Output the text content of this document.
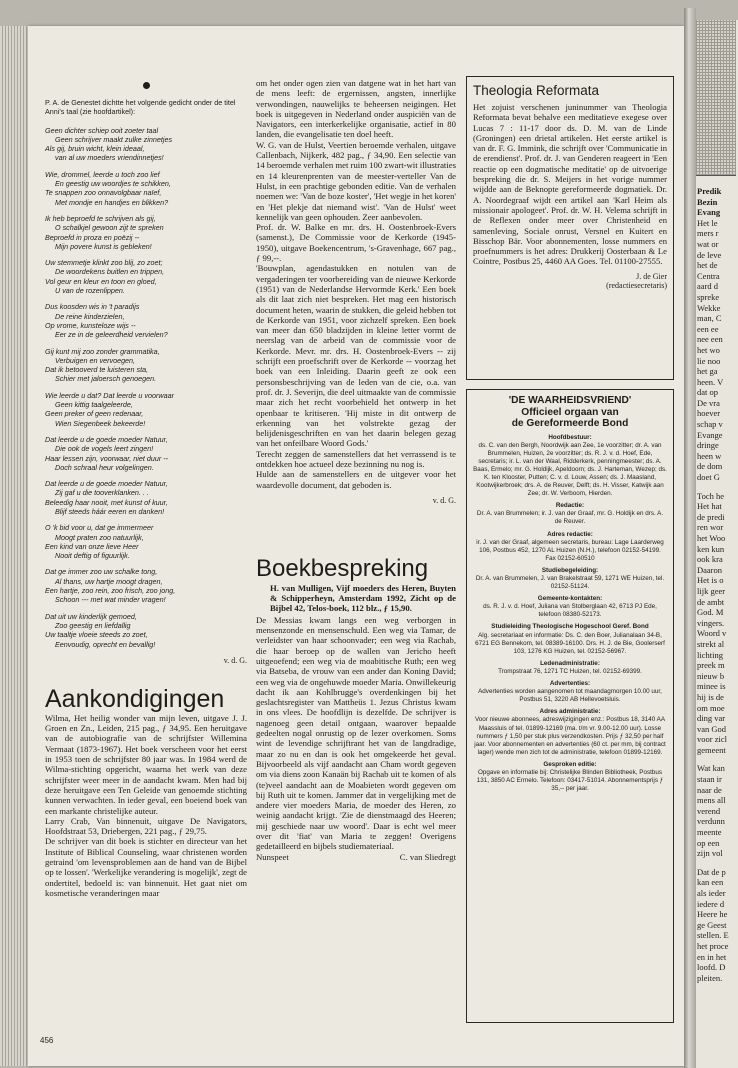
P. A. de Genestet dichtte het volgende gedicht onder de titel Anni's taal (zie hoofdartikel):

Geen dichter schiep ooit zoeter taal
Geen schrijver maakt zulke zinnetjes
Als gij, bruin wicht, klein ideaal,
van al uw moeders vriendinnetjes!

Wie, drommel, leerde u toch zoo lief
En geestig uw woordjes te schikken,
Te snappen zoo onnavolgbaar naïef,
Met mondje en handjes en blikken?

Ik heb beproefd te schrijven als gij,
O schalkjel gewoon zijt te spreken
Beproefd in proza en poëzij --
Mijn povere kunst is gebleken!

Uw stemmetje klinkt zoo blij, zo zoet;
De woordekens buitlen en trippen,
Vol geur en kleur en toon en gloed,
U van de rozenlippen.

Dus koosden wis in 't paradijs
De reine kinderzielen,
Op vrome, kunsteloze wijs --
Eer ze in de geleerdheid vervielen?

Gij kunt mij zoo zonder grammatika,
Verbuigen en vervoegen,
Dat ik betooverd te luisteren sta,
Schier met jaloersch genoegen.

Wie leerde u dat? Dat leerde u voorwaar
Geen kittig taalgeleerde,
Geen preker of geen redenaar,
Wien Siegenbeek bekeerde!

Dat leerde u de goede moeder Natuur,
Die ook de vogels leert zingen!
Haar lessen zijn, voorwaar, niet duur --
Doch schraal heur volgelingen.

Dat leerde u de goede moeder Natuur,
Zij gaf u die tooverklanken. . .
Beleedig haar nooit, met kunst of kuur,
Blijf steeds háár eeren en danken!

O 'k bid voor u, dat ge immermeer
Moogt praten zoo natuurlijk,
Een kind van onze lieve Heer
Nooit deftig of figuurlijk.

Dat ge immer zoo uw schalke tong,
Al thans, uw hartje moogt dragen,
Een hartje, zoo rein, zoo frisch, zoo jong,
Schoon --- met wat minder vragen!

Dat uit uw kinderlijk gemoed,
Zoo geestig en liefdallig
Uw taaltje vloeie steeds zo zoet,
Eenvoudig, oprecht en bevallig!

v. d. G.
Aankondigingen

Wilma, Het heilig wonder van mijn leven, uitgave J. J. Groen en Zn., Leiden, 215 pag., ƒ 34,95. Een heruitgave van de autobiografie van de schrijfster Willemina Vermaat (1873-1967). Het boek verscheen voor het eerst in 1953 toen de schrijfster 80 jaar was. In 1984 werd de Wilma-stichting opgericht, waarna het werk van deze schrijfster weer meer in de aandacht kwam. Men had bij deze heruitgave een Ten Geleide van genoemde stichting kunnen verwachten. In ieder geval, een boeiend boek van een markante christelijke auteur.

Larry Crab, Van binnenuit, uitgave De Navigators, Hoofdstraat 53, Driebergen, 221 pag., ƒ 29,75.

De schrijver van dit boek is stichter en directeur van het Institute of Biblical Counseling, waar christenen worden getraind 'om levensproblemen aan de hand van de Bijbel op te lossen'. 'Werkelijke verandering is mogelijk', zegt de ondertitel, bedoeld is: van binnenuit. Het gaat niet om kosmetische veranderingen maar

om het onder ogen zien van datgene wat in het hart van de mens leeft: de ergernissen, angsten, innerlijke verwondingen, nauwelijks te beheersen neigingen. Het boek is uitgegeven in Nederland onder auspiciën van de Navigators, een interkerkelijke organisatie, actief in 80 landen, die evangelisatie ten doel heeft.

W. G. van de Hulst, Veertien beroemde verhalen, uitgave Callenbach, Nijkerk, 482 pag., ƒ 34,90. Een selectie van 14 beroemde verhalen met ruim 100 zwart-wit illustraties en 14 kleurenprenten van de meester-verteller Van de Hulst, in een prachtige gebonden editie. Van de verhalen noemen we: 'Van de boze koster', 'Het wegje in het koren' en 'Het plekje dat niemand wist'. 'Van de Hulst' weet kennelijk van geen ophouden. Zeer aanbevolen.

Prof. dr. W. Balke en mr. drs. H. Oostenbroek-Evers (samenst.), De Commissie voor de Kerkorde (1945-1950), uitgave Boekencentrum, 's-Gravenhage, 667 pag., ƒ 99,--.

'Bouwplan, agendastukken en notulen van de vergaderingen ter voorbereiding van de nieuwe Kerkorde (1951) van de Nederlandse Hervormde Kerk.' Een boek als dit laat zich niet bespreken. Het mag een historisch document heten, waarin de stukken, die geleid hebben tot de Kerkorde van 1951, voor zichzelf spreken. Een boek van meer dan 650 bladzijden in kleine letter vormt de neerslag van de arbeid van de commissie voor de Kerkorde. Mevr. mr. drs. H. Oostenbroek-Evers -- zij schrijft een proefschrift over de Kerkorde -- voorzag het boek van een Inleiding. Daarin geeft ze ook een personsbeschrijving van de leden van de cie, o.a. van prof. dr. J. Severijn, die deel uitmaakte van de commissie maar zich het recht voorbehield het ontwerp in het openbaar te kritiseren. 'Hij miste in dit ontwerp de erkenning van het volstrekte gezag der belijdenisgeschriften en van het daarin belegen gezag van het onfeilbare Woord Gods.'

Terecht zeggen de samenstellers dat het verrassend is te ontdekken hoe actueel deze bezinning nu nog is.

Hulde aan de samenstellers en de uitgever voor het waardevolle document, dat geboden is.

v. d. G.
Boekbespreking

H. van Mulligen, Vijf moeders des Heren, Buyten & Schipperheyn, Amsterdam 1992, Zicht op de Bijbel 42, Telos-boek, 112 blz., ƒ 15,90.

De Messias kwam langs een weg verborgen in mensenzonde en mensenschuld. Een weg via Tamar, de verleidster van haar schoonvader; een weg via Rachab, die haar beroep op de wallen van Jericho heeft uitgeoefend; een weg via de moabitische Ruth; een weg via Batseba, de vrouw van een ander dan Koning David; een weg via de ongehuwde moeder Maria. Onwillekeurig dacht ik aan Kohlbrugge's overdenkingen bij het geslachtsregister van Mattheüs 1. Jezus Christus kwam in ons vlees. De hoofdlijn is dezelfde. De schrijver is nagenoeg geen detail ontgaan, waarover bepaalde gedeelten nogal onrustig op de lezer overkomen. Soms wint de levendige schrijftrant het van de langdradige, maar zo nu en dan is ook het omgekeerde het geval. Bijvoorbeeld als vijf aandacht aan Cham wordt gegeven om via diens zoon Kanaän bij Rachab uit te komen of als (te)veel aandacht aan de Moabieten wordt gegeven om bij Ruth uit te komen. Jammer dat in vergelijking met de andere vier moeders Maria, de moeder des Heren, zo weinig aandacht krijgt. 'Zie de dienstmaagd des Heeren; mij geschiede naar uw woord'. Daar is echt wel meer over dit 'fiat' van Maria te zeggen! Overigens gedetailleerd en bijbels studiemateriaal.

Nunspeet	C. van Sliedregt
Theologia Reformata
Het zojuist verschenen juninummer van Theologia Reformata bevat behalve een meditatieve exegese over Lucas 7 : 11-17 door ds. D. M. van de Linde (Groningen) een drietal artikelen. Het eerste artikel is van dr. F. G. Immink, die schrijft over 'Communicatie in de erendienst'. Prof. dr. J. van Genderen reageert in 'Een reactie op een dogmatische meditatie' op de uitvoerige bespreking die dr. S. Meijers in het vorige nummer wijdde aan de Beknopte gereformeerde dogmatiek. Dr. A. Noordegraaf wijdt een artikel aan 'Karl Heim als missionair apologeet'. Prof. dr. W. H. Velema schrijft in de Reflexen onder meer over Christenheid en samenleving, Sociale onrust, Versnel en Kuitert en Bisschop Bär. Voor abonnementen, losse nummers en proefnummers is het adres: Drukkerij Oosterbaan & Le Cointre, Postbus 25, 4460 AA Goes. Tel. 01100-27555.
J. de Gier
(redactiesecretaris)
'DE WAARHEIDSVRIEND'
Officieel orgaan van
de Gereformeerde Bond
Hoofdbestuur:
ds. C. van den Bergh, Noordwijk aan Zee, 1e voorzitter; dr. A. van Brummelen, Huizen, 2e voorzitter; ds. R. J. v. d. Hoef, Ede, secretaris; ir. L. van der Waal, Ridderkerk, penningmeester; ds. A. Baas, Ermelo; mr. G. Holdijk, Apeldoorn; ds. J. Harteman, Wezep; ds. K. ten Klooster, Putten; C. v. d. Louw, Assen; ds. J. Maasland, Kootwijkerbroek; drs. A. de Reuver, Delft; ds. H. Visser, Katwijk aan Zee; dr. W. Verboom, Hierden.
Redactie:
Dr. A. van Brummelen; ir. J. van der Graaf, mr. G. Holdijk en drs. A. de Reuver.
Adres redactie:
ir. J. van der Graaf, algemeen secretaris, bureau: Lage Laarderweg 106, Postbus 452, 1270 AL Huizen (N.H.), telefoon 02152-54199. Fax 02152-60510
Studiebegeleiding:
Dr. A. van Brummelen, J. van Brakelstraat 59, 1271 WE Huizen, tel. 02152-51124.
Gemeente-kontakten:
ds. R. J. v. d. Hoef, Juliana van Stolberglaan 42, 6713 PJ Ede, telefoon 08380-52173.
Studieleiding Theologische Hogeschool Geref. Bond
Alg. secretariaat en informatie: Ds. C. den Boer, Julianalaan 34-B, 6721 EG Bennekom, tel. 08389-16100. Drs. H. J. de Bie, Goolerserf 103, 1276 KG Huizen, tel. 02152-56967.
Ledenadministratie:
Trompstraat 76, 1271 TC Huizen, tel. 02152-69399.
Advertenties:
Advertenties worden aangenomen tot maandagmorgen 10.00 uur, Postbus 51, 3220 AB Hellevoetsluis.
Adres administratie:
Voor nieuwe abonnees, adreswijzigingen enz.: Postbus 18, 3140 AA Maassluis of tel. 01899-12169 (ma. t/m vr. 9.00-12.00 uur). Losse nummers ƒ 1,50 per stuk plus verzendkosten. Prijs ƒ 32,50 per half jaar. Voor abonnementen en advertenties (60 ct. per mm, bij contract lager) wende men zich tot de administratie, telefoon 01899-12169.
Gesproken editie:
Opgave en informatie bij: Christelijke Blinden Bibliotheek, Postbus 131, 3850 AC Ermelo. Telefoon: 03417-51014. Abonnementsprijs ƒ 35,-- per jaar.
456
Predik
Bezin
Evang
Het le
mers r
wat or
de leve
het de
Centra
aard d
spreke
Wekke
man, C
een ee
nee een
het wo
lie noo
het ga
heen. V
dat op
De vra
hoever
schap v
Evange
dringe
heen w
de dom
doet G
Toch he
Het hat
de predi
ren wor
het Woo
ken kun
ook kra
Daaron
Het is o
lijk geer
de ambt
God. M
vingers.
Woord v
strekt al
lichting
preek m
nieuw b
minee is
hij is de
om moe
ding var
van God
voor zicl
gemeent
Wat kan
staan ir
naar de
mens all
verend
verdunn
meente
op een
zijn vol
Dat de p
kan een
als ieder
iedere d
Heere he
ge Geest
stellen. E
het proce
en in het
loofd. D
pleiten.
